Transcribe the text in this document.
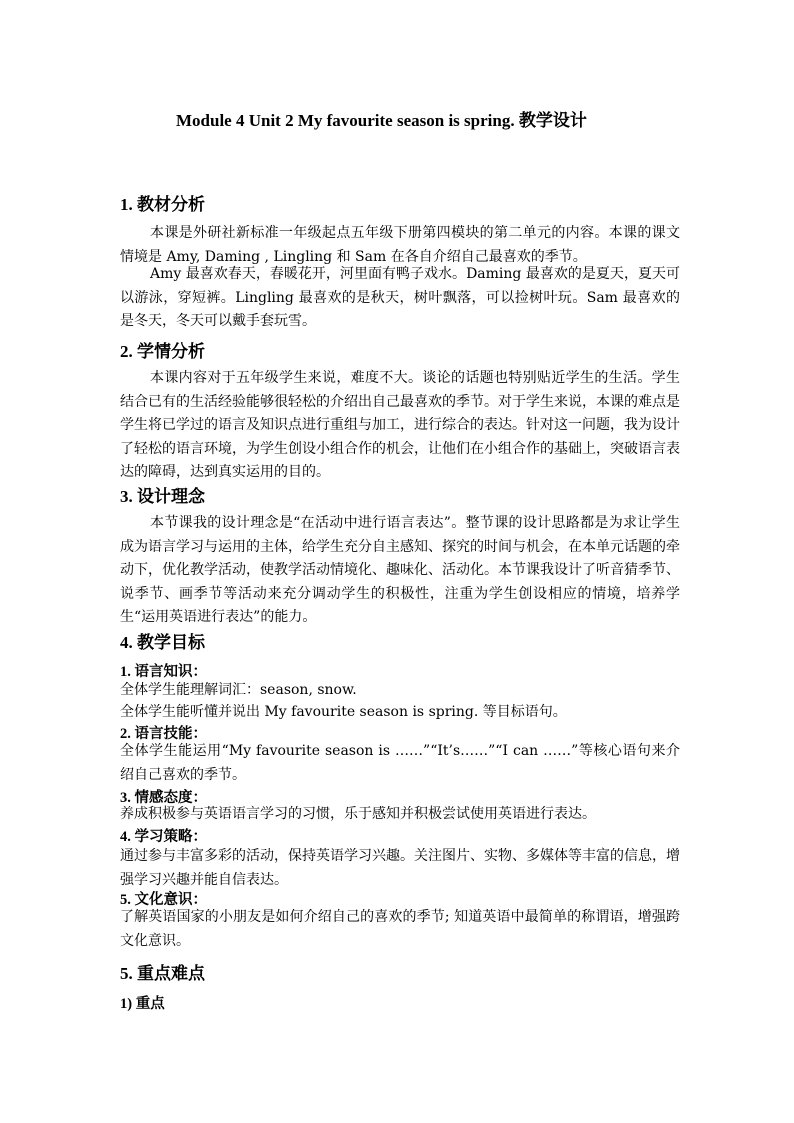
Module 4 Unit 2 My favourite season is spring. 教学设计
1. 教材分析

本课是外研社新标准一年级起点五年级下册第四模块的第二单元的内容。本课的课文情境是 Amy, Daming , Lingling 和 Sam 在各自介绍自己最喜欢的季节。

Amy 最喜欢春天，春暖花开，河里面有鸭子戏水。Daming 最喜欢的是夏天，夏天可以游泳，穿短裤。Lingling 最喜欢的是秋天，树叶飘落，可以捡树叶玩。Sam 最喜欢的是冬天，冬天可以戴手套玩雪。

2. 学情分析

本课内容对于五年级学生来说，难度不大。谈论的话题也特别贴近学生的生活。学生结合已有的生活经验能够很轻松的介绍出自己最喜欢的季节。对于学生来说，本课的难点是学生将已学过的语言及知识点进行重组与加工，进行综合的表达。针对这一问题，我为设计了轻松的语言环境，为学生创设小组合作的机会，让他们在小组合作的基础上，突破语言表达的障碍，达到真实运用的目的。

3. 设计理念

本节课我的设计理念是“在活动中进行语言表达”。整节课的设计思路都是为求让学生成为语言学习与运用的主体，给学生充分自主感知、探究的时间与机会，在本单元话题的牵动下，优化教学活动，使教学活动情境化、趣味化、活动化。本节课我设计了听音猜季节、说季节、画季节等活动来充分调动学生的积极性，注重为学生创设相应的情境，培养学生“运用英语进行表达”的能力。

4. 教学目标
1. 语言知识：

全体学生能理解词汇：season, snow.

全体学生能听懂并说出 My favourite season is spring. 等目标语句。

2. 语言技能：

全体学生能运用“My favourite season is ……”“It’s……”“I can ……”等核心语句来介绍自己喜欢的季节。

3. 情感态度：

养成积极参与英语语言学习的习惯，乐于感知并积极尝试使用英语进行表达。

4. 学习策略：

通过参与丰富多彩的活动，保持英语学习兴趣。关注图片、实物、多媒体等丰富的信息，增强学习兴趣并能自信表达。

5. 文化意识：

了解英语国家的小朋友是如何介绍自己的喜欢的季节; 知道英语中最简单的称谓语，增强跨文化意识。

5. 重点难点
1) 重点
